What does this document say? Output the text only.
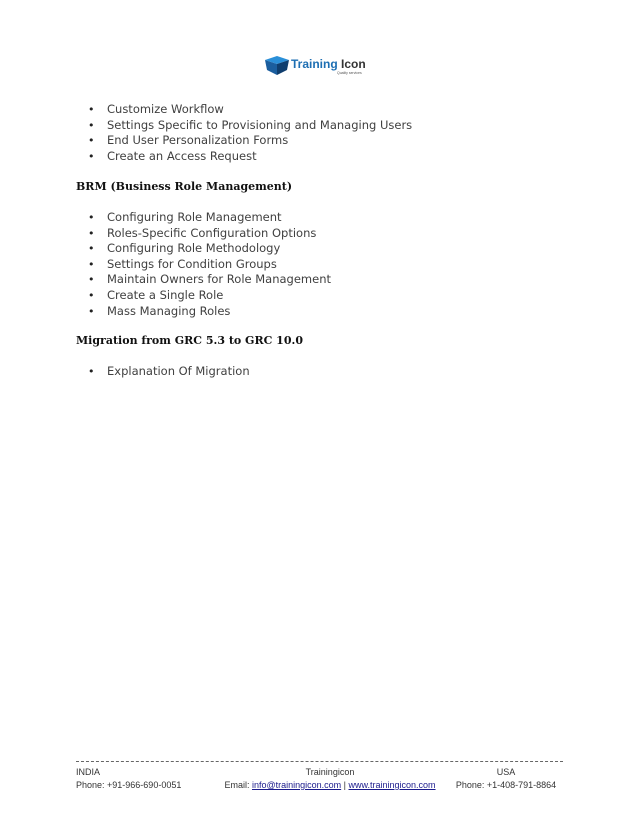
Training Icon
Quality services
• Customize Workflow
• Settings Specific to Provisioning and Managing Users
• End User Personalization Forms
• Create an Access Request
BRM (Business Role Management)
• Configuring Role Management
• Roles-Specific Configuration Options
• Configuring Role Methodology
• Settings for Condition Groups
• Maintain Owners for Role Management
• Create a Single Role
• Mass Managing Roles
Migration from GRC 5.3 to GRC 10.0
• Explanation Of Migration
INDIA
Phone: +91-966-690-0051
Trainingicon
Email: info@trainingicon.com | www.trainingicon.com
USA
Phone: +1-408-791-8864
